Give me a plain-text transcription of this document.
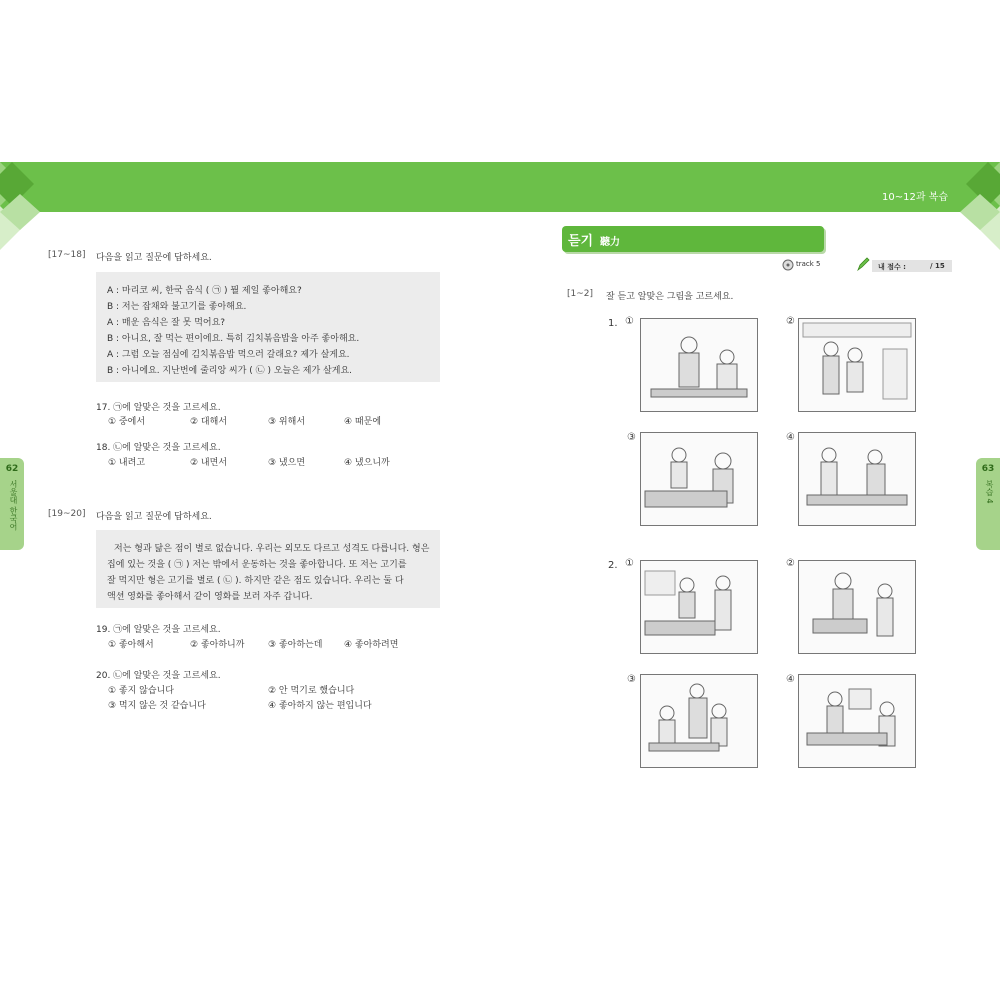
10~12과 복습
[17~18] 다음을 읽고 질문에 답하세요.
A : 마리코 씨, 한국 음식 ( ㉠ ) 뭘 제일 좋아해요?
B : 저는 잡채와 불고기를 좋아해요.
A : 매운 음식은 잘 못 먹어요?
B : 아니요, 잘 먹는 편이에요. 특히 김치볶음밥을 아주 좋아해요.
A : 그럼 오늘 점심에 김치볶음밥 먹으러 갈래요? 제가 살게요.
B : 아니에요. 지난번에 줄리앙 씨가 ( ㉡ ) 오늘은 제가 살게요.
17. ㉠에 알맞은 것을 고르세요.
① 중에서	② 대해서	③ 위해서	④ 때문에
18. ㉡에 알맞은 것을 고르세요.
① 내려고	② 내면서	③ 냈으면	④ 냈으니까
[19~20] 다음을 읽고 질문에 답하세요.
저는 형과 닮은 점이 별로 없습니다. 우리는 외모도 다르고 성격도 다릅니다. 형은
집에 있는 것을 ( ㉠ ) 저는 밖에서 운동하는 것을 좋아합니다. 또 저는 고기를
잘 먹지만 형은 고기를 별로 ( ㉡ ). 하지만 같은 점도 있습니다. 우리는 둘 다
액션 영화를 좋아해서 같이 영화를 보러 자주 갑니다.
19. ㉠에 알맞은 것을 고르세요.
① 좋아해서	② 좋아하니까	③ 좋아하는데 ④ 좋아하려면
20. ㉡에 알맞은 것을 고르세요.
① 좋지 않습니다	② 안 먹기로 했습니다
③ 먹지 않은 것 같습니다	④ 좋아하지 않는 편입니다
62
서울대 한국어
듣기 聽力
track 5	내 점수 :	/ 15
[1~2] 잘 듣고 알맞은 그림을 고르세요.
1. ①	②
③	④
2. ①	②
③	④
63
복습 4
